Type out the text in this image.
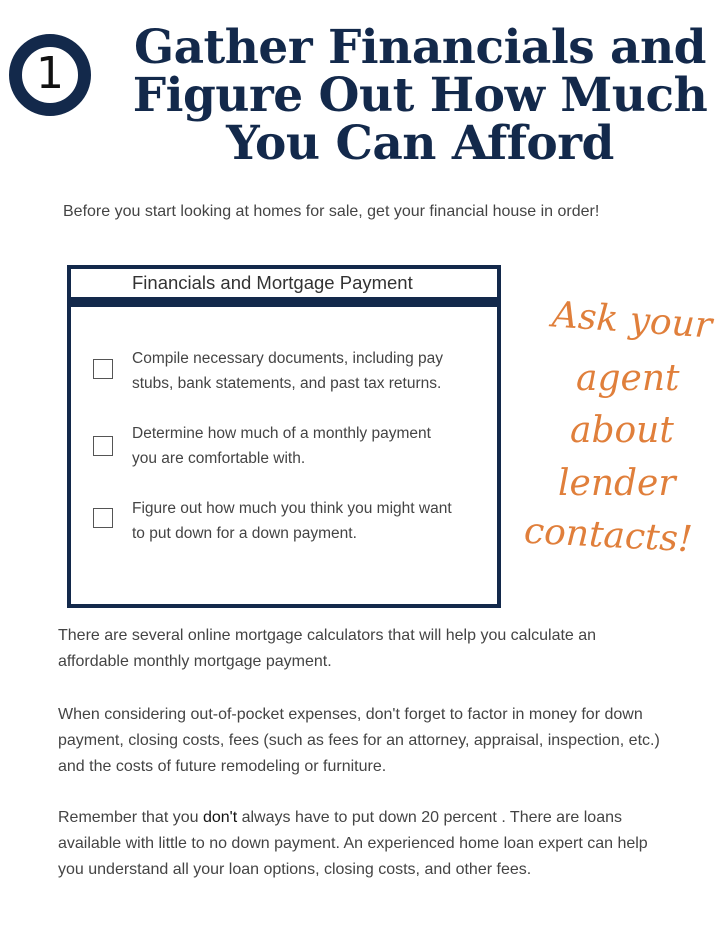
1 Gather Financials and
Figure Out How Much
You Can Afford
Before you start looking at homes for sale, get your financial house in order!
Financials and Mortgage Payment
Compile necessary documents, including pay
stubs, bank statements, and past tax returns.
Determine how much of a monthly payment
you are comfortable with.
Figure out how much you think you might want
to put down for a down payment.
Ask your
agent
about
lender
contacts!
There are several online mortgage calculators that will help you calculate an
affordable monthly mortgage payment.
When considering out-of-pocket expenses, don't forget to factor in money for down
payment, closing costs, fees (such as fees for an attorney, appraisal, inspection, etc.)
and the costs of future remodeling or furniture.
Remember that you don't always have to put down 20 percent . There are loans
available with little to no down payment. An experienced home loan expert can help
you understand all your loan options, closing costs, and other fees.
